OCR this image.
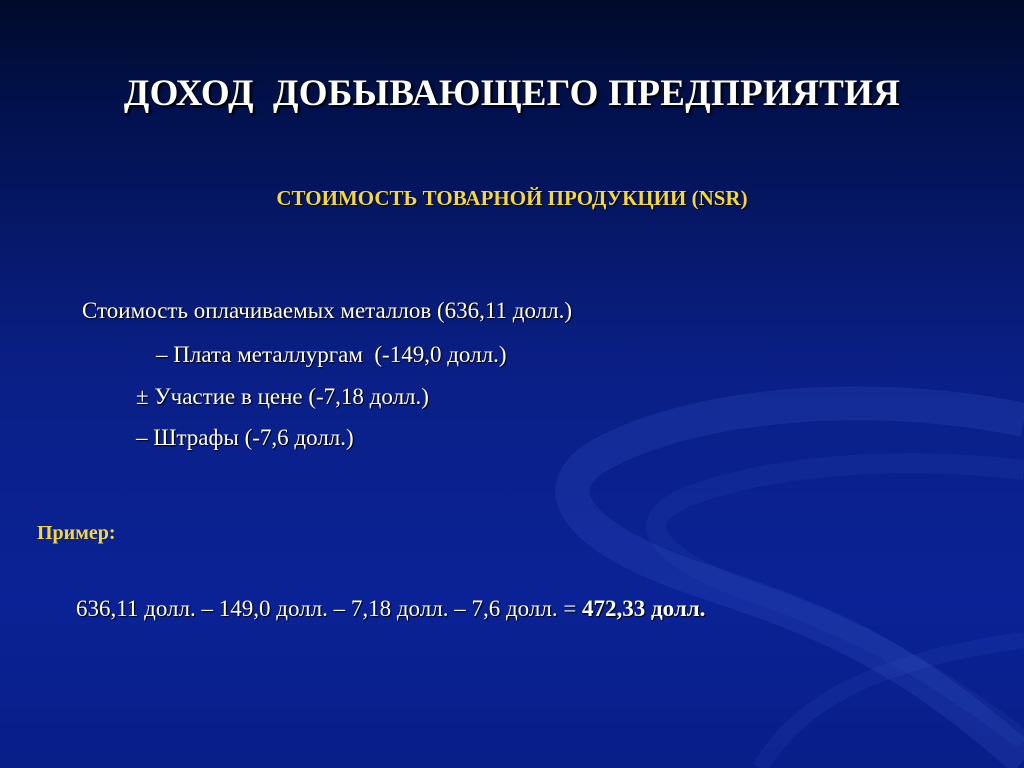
ДОХОД  ДОБЫВАЮЩЕГО ПРЕДПРИЯТИЯ
СТОИМОСТЬ ТОВАРНОЙ ПРОДУКЦИИ (NSR)
Стоимость оплачиваемых металлов (636,11 долл.)
– Плата металлургам  (-149,0 долл.)
± Участие в цене (-7,18 долл.)
– Штрафы (-7,6 долл.)
Пример:
636,11 долл. – 149,0 долл. – 7,18 долл. – 7,6 долл. = 472,33 долл.
